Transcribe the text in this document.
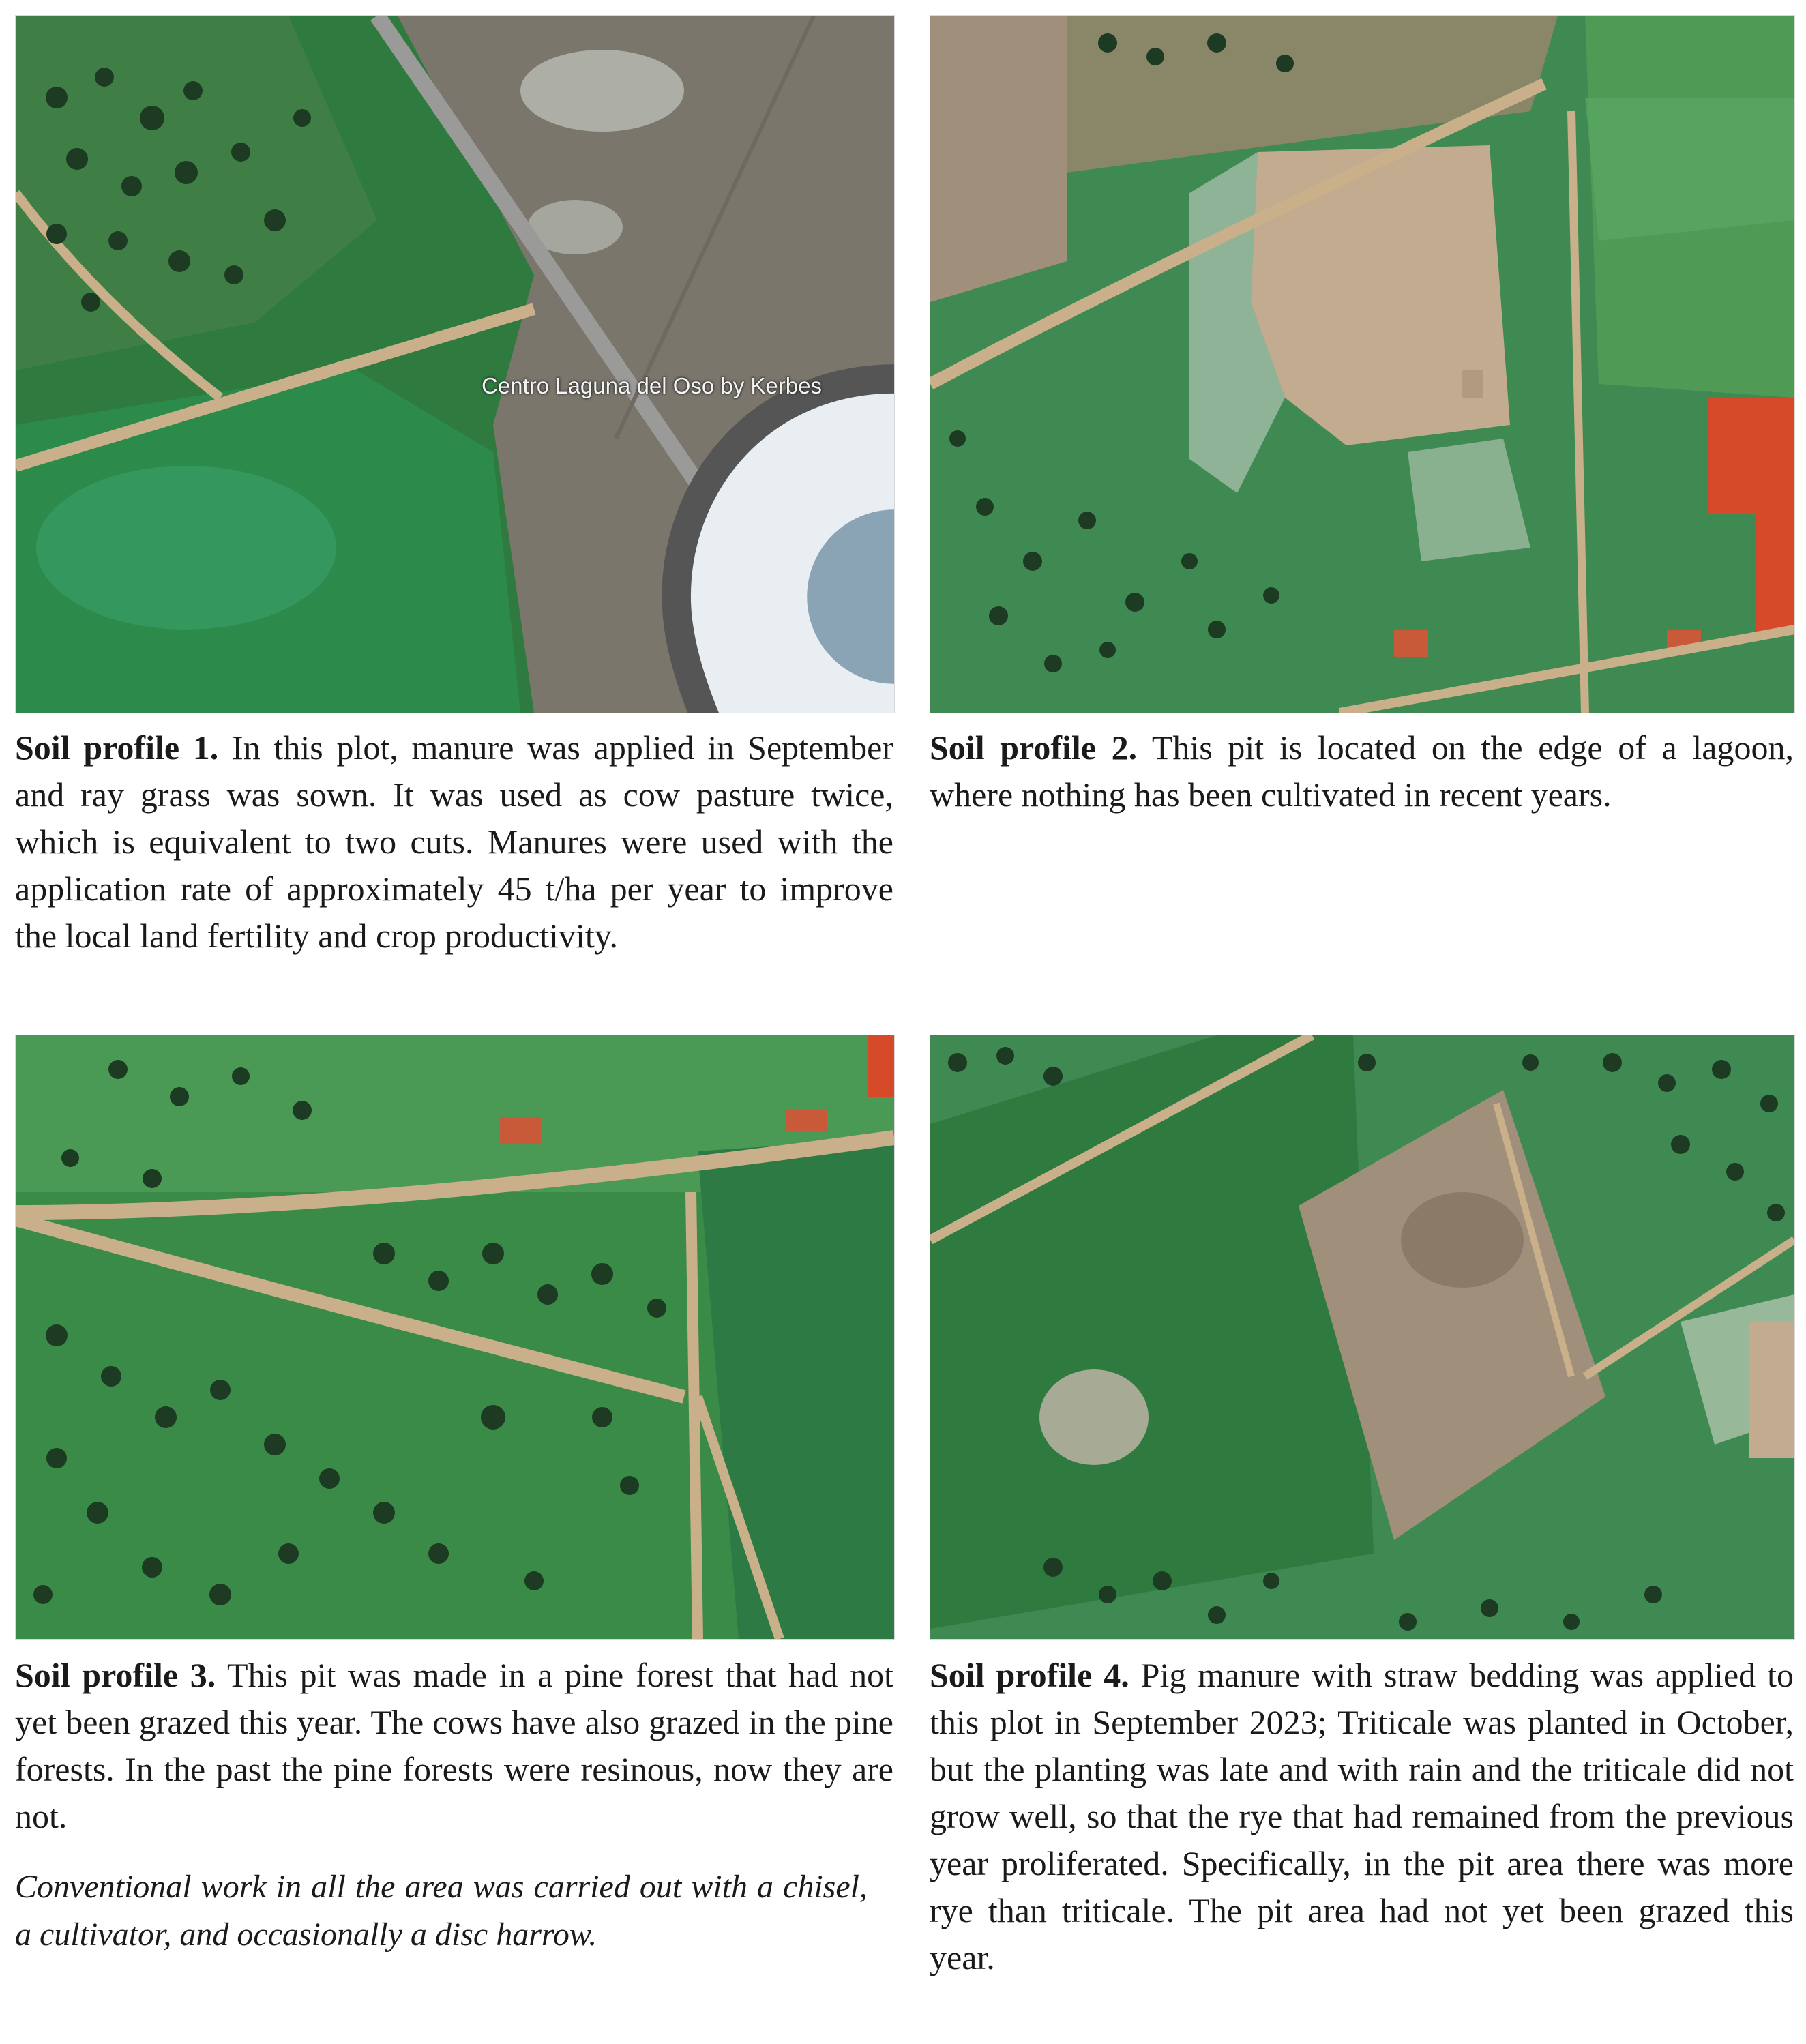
Centro Laguna del Oso by Kerbes
Soil profile 1. In this plot, manure was applied in September and ray grass was sown. It was used as cow pasture twice, which is equivalent to two cuts. Manures were used with the application rate of approximately 45 t/ha per year to improve the local land fertility and crop productivity.
Soil profile 2. This pit is located on the edge of a lagoon, where nothing has been cultivated in recent years.
Soil profile 3. This pit was made in a pine forest that had not yet been grazed this year. The cows have also grazed in the pine forests. In the past the pine forests were resinous, now they are not.
Soil profile 4. Pig manure with straw bedding was applied to this plot in September 2023; Triticale was planted in October, but the planting was late and with rain and the triticale did not grow well, so that the rye that had remained from the previous year proliferated. Specifically, in the pit area there was more rye than triticale. The pit area had not yet been grazed this year.
Conventional work in all the area was carried out with a chisel, a cultivator, and occasionally a disc harrow.
